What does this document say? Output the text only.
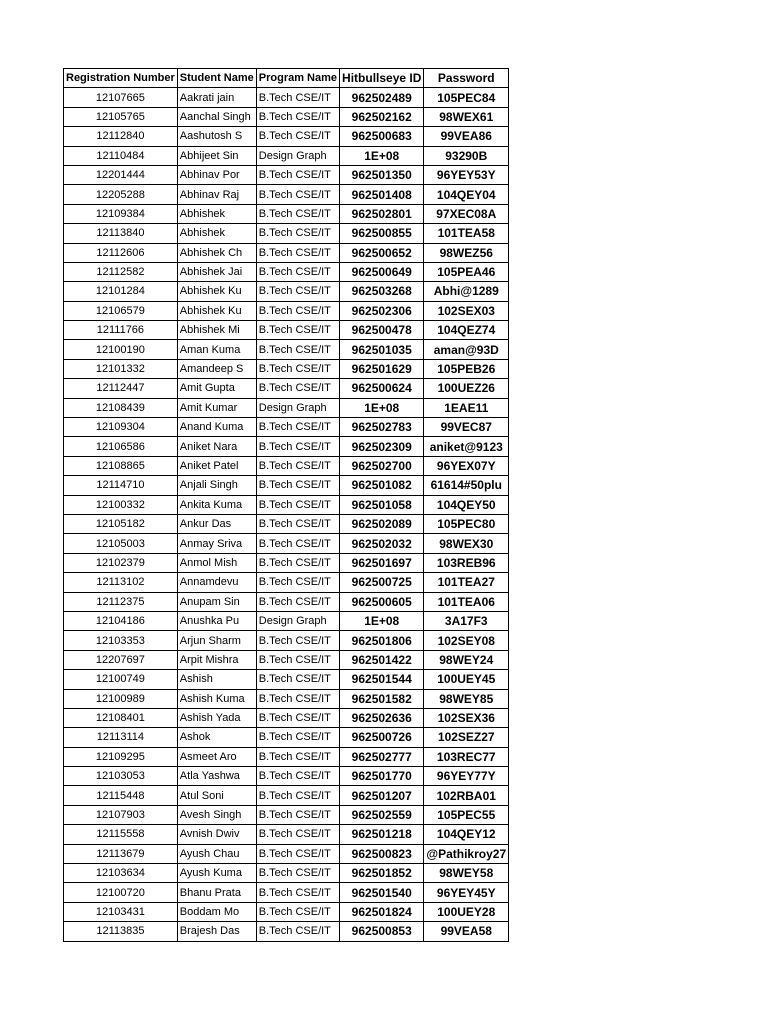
Registration Number	Student Name	Program Name	Hitbullseye ID	Password
12107665	Aakrati jain	B.Tech CSE/IT	962502489	105PEC84
12105765	Aanchal Singh	B.Tech CSE/IT	962502162	98WEX61
12112840	Aashutosh S	B.Tech CSE/IT	962500683	99VEA86
12110484	Abhijeet Sin	Design Graph	1E+08	93290B
12201444	Abhinav Por	B.Tech CSE/IT	962501350	96YEY53Y
12205288	Abhinav Raj	B.Tech CSE/IT	962501408	104QEY04
12109384	Abhishek	B.Tech CSE/IT	962502801	97XEC08A
12113840	Abhishek	B.Tech CSE/IT	962500855	101TEA58
12112606	Abhishek Ch	B.Tech CSE/IT	962500652	98WEZ56
12112582	Abhishek Jai	B.Tech CSE/IT	962500649	105PEA46
12101284	Abhishek Ku	B.Tech CSE/IT	962503268	Abhi@1289
12106579	Abhishek Ku	B.Tech CSE/IT	962502306	102SEX03
12111766	Abhishek Mi	B.Tech CSE/IT	962500478	104QEZ74
12100190	Aman Kuma	B.Tech CSE/IT	962501035	aman@93D
12101332	Amandeep S	B.Tech CSE/IT	962501629	105PEB26
12112447	Amit Gupta	B.Tech CSE/IT	962500624	100UEZ26
12108439	Amit Kumar	Design Graph	1E+08	1EAE11
12109304	Anand Kuma	B.Tech CSE/IT	962502783	99VEC87
12106586	Aniket Nara	B.Tech CSE/IT	962502309	aniket@9123
12108865	Aniket Patel	B.Tech CSE/IT	962502700	96YEX07Y
12114710	Anjali Singh	B.Tech CSE/IT	962501082	61614#50plu
12100332	Ankita Kuma	B.Tech CSE/IT	962501058	104QEY50
12105182	Ankur Das	B.Tech CSE/IT	962502089	105PEC80
12105003	Anmay Sriva	B.Tech CSE/IT	962502032	98WEX30
12102379	Anmol Mish	B.Tech CSE/IT	962501697	103REB96
12113102	Annamdevu	B.Tech CSE/IT	962500725	101TEA27
12112375	Anupam Sin	B.Tech CSE/IT	962500605	101TEA06
12104186	Anushka Pu	Design Graph	1E+08	3A17F3
12103353	Arjun Sharm	B.Tech CSE/IT	962501806	102SEY08
12207697	Arpit Mishra	B.Tech CSE/IT	962501422	98WEY24
12100749	Ashish	B.Tech CSE/IT	962501544	100UEY45
12100989	Ashish Kuma	B.Tech CSE/IT	962501582	98WEY85
12108401	Ashish Yada	B.Tech CSE/IT	962502636	102SEX36
12113114	Ashok	B.Tech CSE/IT	962500726	102SEZ27
12109295	Asmeet Aro	B.Tech CSE/IT	962502777	103REC77
12103053	Atla Yashwa	B.Tech CSE/IT	962501770	96YEY77Y
12115448	Atul Soni	B.Tech CSE/IT	962501207	102RBA01
12107903	Avesh Singh	B.Tech CSE/IT	962502559	105PEC55
12115558	Avnish Dwiv	B.Tech CSE/IT	962501218	104QEY12
12113679	Ayush Chau	B.Tech CSE/IT	962500823	@Pathikroy27
12103634	Ayush Kuma	B.Tech CSE/IT	962501852	98WEY58
12100720	Bhanu Prata	B.Tech CSE/IT	962501540	96YEY45Y
12103431	Boddam Mo	B.Tech CSE/IT	962501824	100UEY28
12113835	Brajesh Das	B.Tech CSE/IT	962500853	99VEA58
